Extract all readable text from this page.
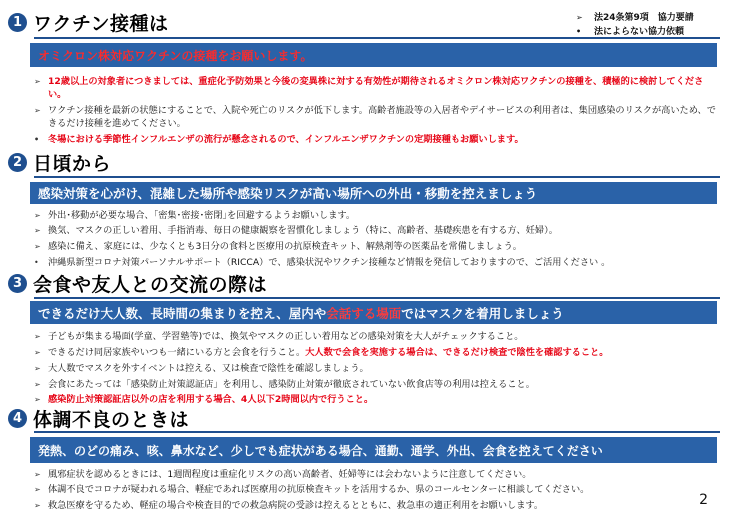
➢ 法24条第9項　協力要請
• 法によらない協力依頼
1 ワクチン接種は
オミクロン株対応ワクチンの接種をお願いします。
➢ 12歳以上の対象者につきましては、重症化予防効果と今後の変異株に対する有効性が期待されるオミクロン株対応ワクチンの接種を、積極的に検討してください。
➢ ワクチン接種を最新の状態にすることで、入院や死亡のリスクが低下します。高齢者施設等の入居者やデイサービスの利用者は、集団感染のリスクが高いため、できるだけ接種を進めてください。
• 冬場における季節性インフルエンザの流行が懸念されるので、インフルエンザワクチンの定期接種もお願いします。
2 日頃から
感染対策を心がけ、混雑した場所や感染リスクが高い場所への外出・移動を控えましょう
➢ 外出･移動が必要な場合、｢密集･密接･密閉｣を回避するようお願いします。
➢ 換気、マスクの正しい着用、手指消毒、毎日の健康観察を習慣化しましょう（特に、高齢者、基礎疾患を有する方、妊婦）。
➢ 感染に備え、家庭には、少なくとも3日分の食料と医療用の抗原検査キット、解熱剤等の医薬品を常備しましょう。
• 沖縄県新型コロナ対策パーソナルサポート（RICCA）で、感染状況やワクチン接種など情報を発信しておりますので、ご活用ください 。
3 会食や友人との交流の際は
できるだけ大人数、長時間の集まりを控え、屋内や 会話する場面 ではマスクを着用しましょう
➢ 子どもが集まる場面(学童、学習塾等)では、換気やマスクの正しい着用などの感染対策を大人がチェックすること。
➢ できるだけ同居家族やいつも一緒にいる方と会食を行うこと。大人数で会食を実施する場合は、できるだけ検査で陰性を確認すること。
➢ 大人数でマスクを外すイベントは控える、又は検査で陰性を確認しましょう。
➢ 会食にあたっては「感染防止対策認証店」を利用し、感染防止対策が徹底されていない飲食店等の利用は控えること。
➢ 感染防止対策認証店以外の店を利用する場合、4人以下2時間以内で行うこと。
4 体調不良のときは
発熱、のどの痛み、咳、鼻水など、少しでも症状がある場合、通勤、通学、外出、会食を控えてください
➢ 風邪症状を認めるときには、1週間程度は重症化リスクの高い高齢者、妊婦等には会わないように注意してください。
➢ 体調不良でコロナが疑われる場合、軽症であれば医療用の抗原検査キットを活用するか、県のコールセンターに相談してください。
➢ 救急医療を守るため、軽症の場合や検査目的での救急病院の受診は控えるとともに、救急車の適正利用をお願いします。	2
